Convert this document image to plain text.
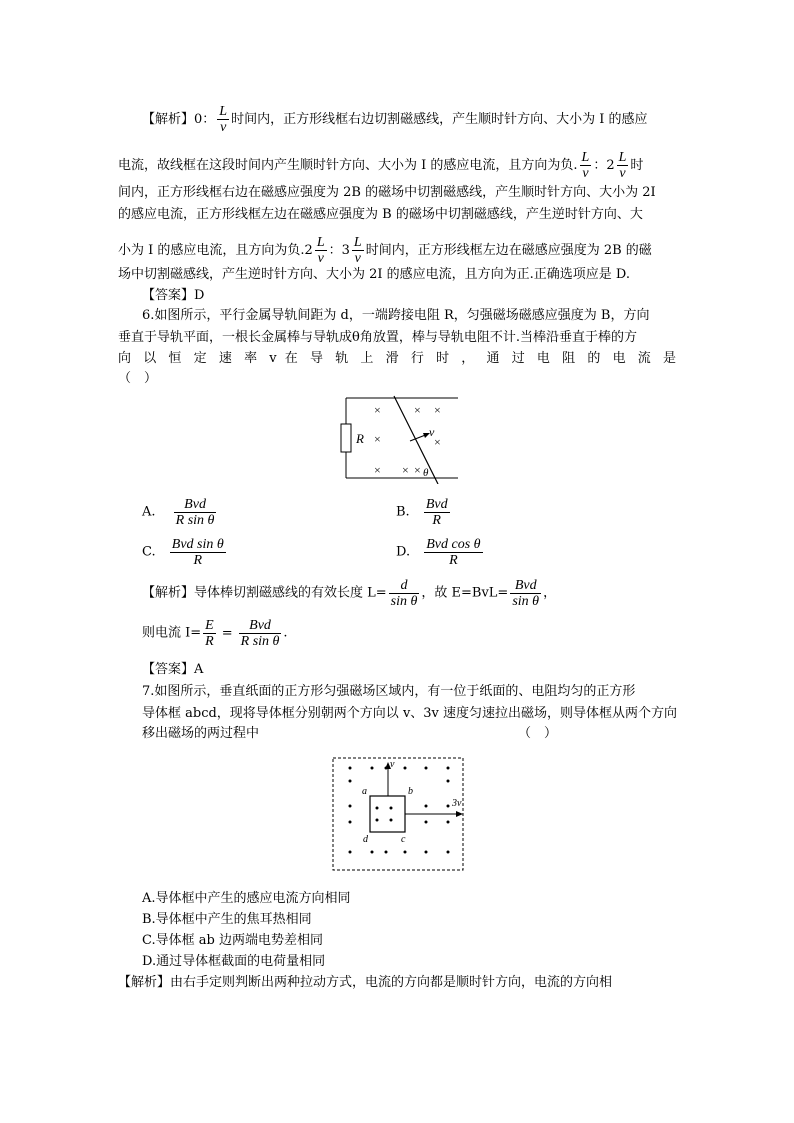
【解析】0： $\frac{L}{v}$ 时间内，正方形线框右边切割磁感线，产生顺时针方向、大小为 I 的感应
电流，故线框在这段时间内产生顺时针方向、大小为 I 的感应电流，且方向为负. $\frac{L}{v}$ ：$2 \frac{L}{v}$ 时
间内，正方形线框右边在磁感应强度为 2B 的磁场中切割磁感线，产生顺时针方向、大小为 2I
的感应电流，正方形线框左边在磁感应强度为 B 的磁场中切割磁感线，产生逆时针方向、大
小为 I 的感应电流，且方向为负$.2 \frac{L}{v}$ ：$3 \frac{L}{v}$ 时间内，正方形线框左边在磁感应强度为 2B 的磁
场中切割磁感线，产生逆时针方向、大小为 2I 的感应电流，且方向为正.正确选项应是 D.
【答案】D
6.如图所示，平行金属导轨间距为 d，一端跨接电阻 R，匀强磁场磁感应强度为 B，方向
垂直于导轨平面，一根长金属棒与导轨成θ角放置，棒与导轨电阻不计.当棒沿垂直于棒的方
向 以 恒 定 速 率 v 在 导 轨 上 滑 行 时 ， 通 过 电 阻 的 电 流 是
（　）
R	v
θ
×	× ×
×	×
× × ×
A. $\frac{\text{Bvd}}{\text{R sin θ}}$	B. $\frac{\text{Bvd}}{R}$
C. $\frac{\text{Bvd sin θ}}{R}$	D. $\frac{\text{Bvd cos θ}}{R}$
【解析】导体棒切割磁感线的有效长度 $L= \frac{d}{\text{sin θ}}$ ，故 $E=BvL= \frac{\text{Bvd}}{\text{sin θ}}$ ，
则电流 $I= \frac{E}{R} = \frac{\text{Bvd}}{\text{R sin θ}}$ .
【答案】A
7.如图所示，垂直纸面的正方形匀强磁场区域内，有一位于纸面的、电阻均匀的正方形
导体框 abcd，现将导体框分别朝两个方向以 v、3v 速度匀速拉出磁场，则导体框从两个方向
移出磁场的两过程中	（　）
a	b
c
d
v
3v
A.导体框中产生的感应电流方向相同
B.导体框中产生的焦耳热相同
C.导体框 ab 边两端电势差相同
D.通过导体框截面的电荷量相同
【解析】由右手定则判断出两种拉动方式，电流的方向都是顺时针方向，电流的方向相
